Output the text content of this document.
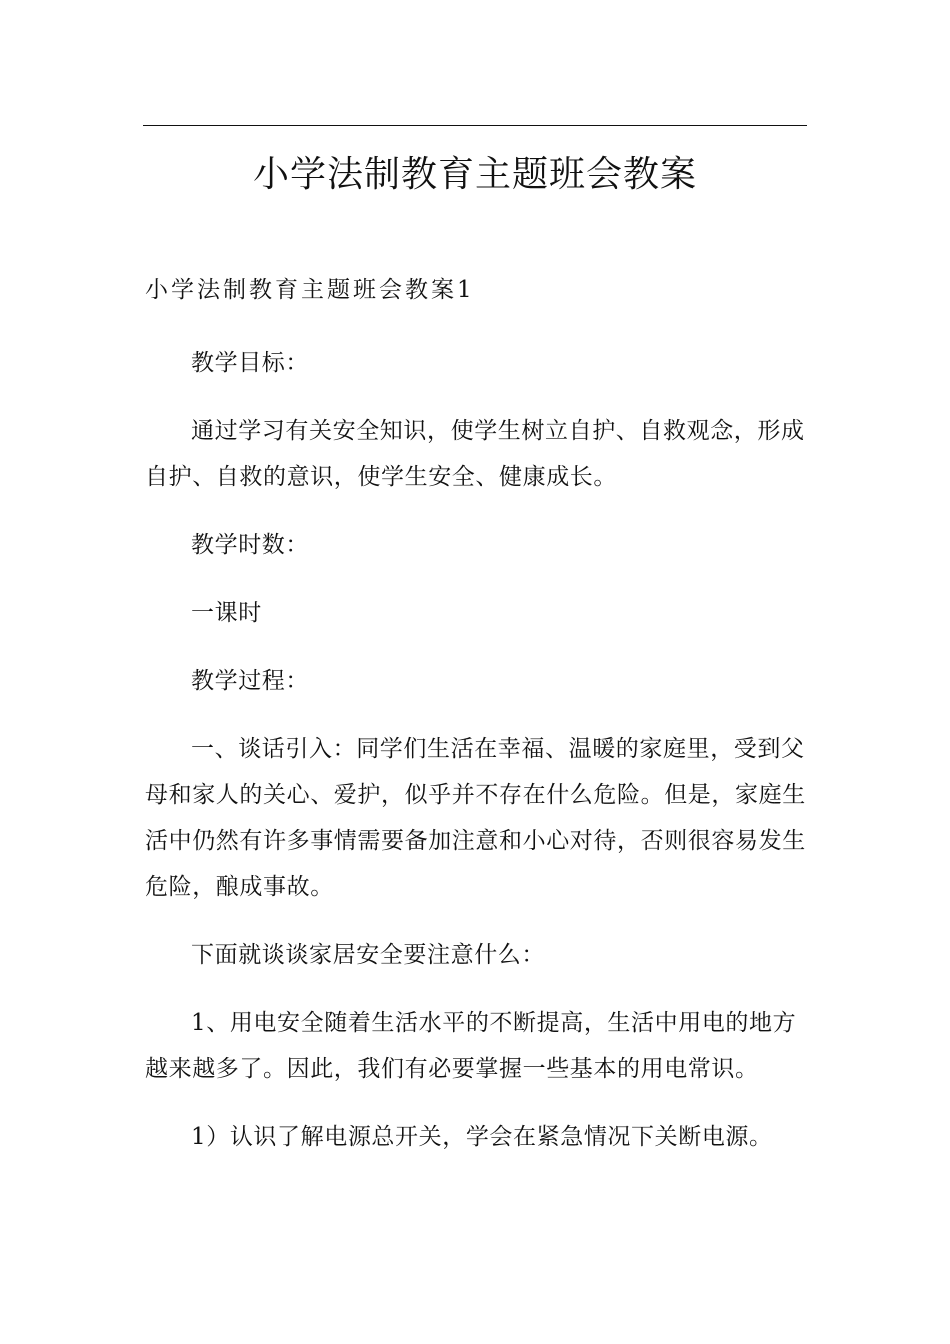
小学法制教育主题班会教案
小学法制教育主题班会教案1

教学目标：

通过学习有关安全知识，使学生树立自护、自救观念，形成自护、自救的意识，使学生安全、健康成长。

教学时数：

一课时

教学过程：

一、谈话引入：同学们生活在幸福、温暖的家庭里，受到父母和家人的关心、爱护，似乎并不存在什么危险。但是，家庭生活中仍然有许多事情需要备加注意和小心对待，否则很容易发生危险，酿成事故。

下面就谈谈家居安全要注意什么：

1、用电安全随着生活水平的不断提高，生活中用电的地方越来越多了。因此，我们有必要掌握一些基本的用电常识。

1）认识了解电源总开关，学会在紧急情况下关断电源。
